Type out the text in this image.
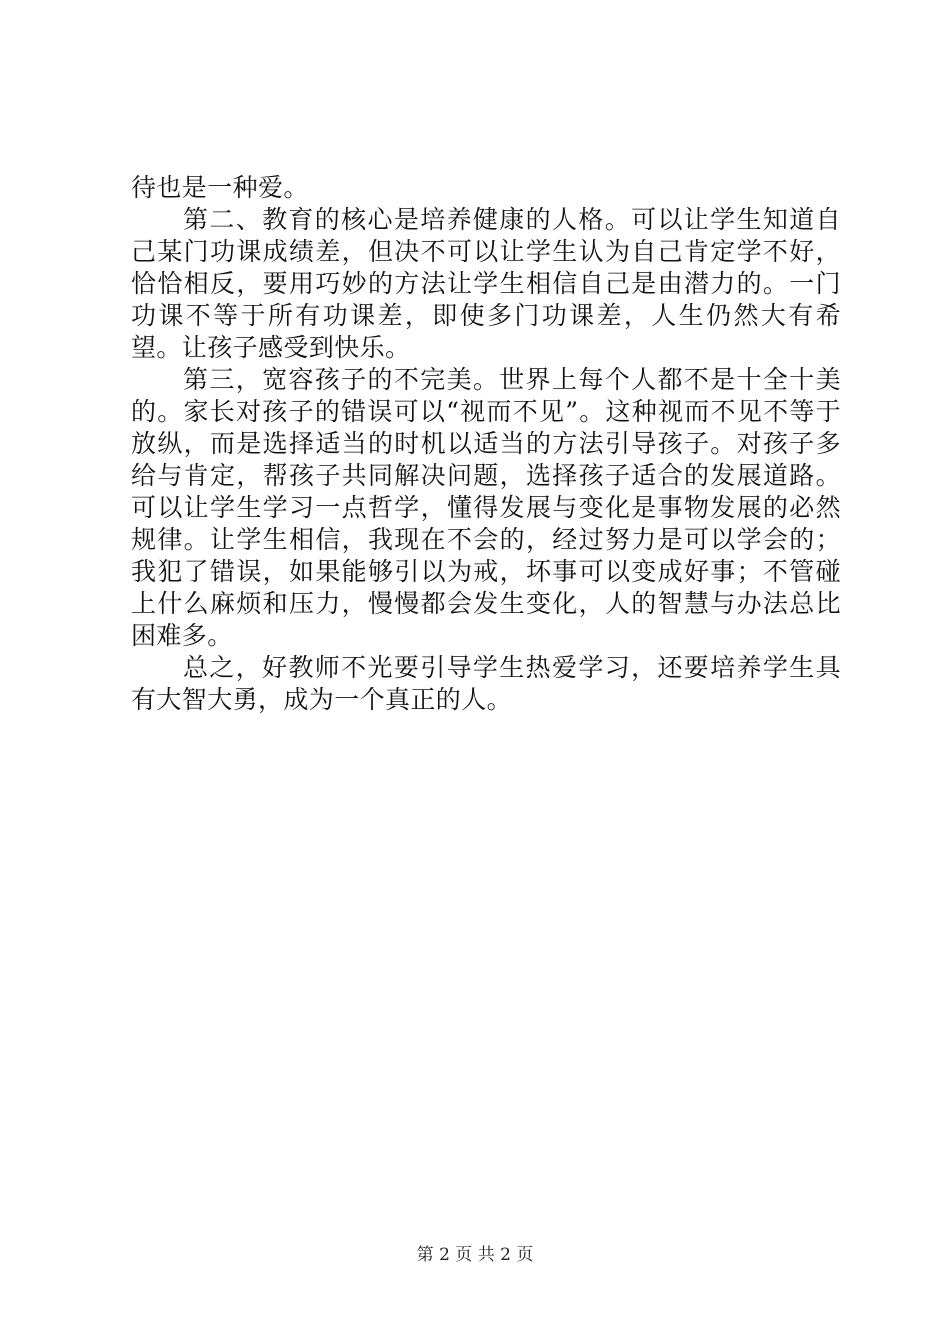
待也是一种爱。

第二、教育的核心是培养健康的人格。可以让学生知道自己某门功课成绩差，但决不可以让学生认为自己肯定学不好，恰恰相反，要用巧妙的方法让学生相信自己是由潜力的。一门功课不等于所有功课差，即使多门功课差，人生仍然大有希望。让孩子感受到快乐。

第三，宽容孩子的不完美。世界上每个人都不是十全十美的。家长对孩子的错误可以“视而不见”。这种视而不见不等于放纵，而是选择适当的时机以适当的方法引导孩子。对孩子多给与肯定，帮孩子共同解决问题，选择孩子适合的发展道路。可以让学生学习一点哲学，懂得发展与变化是事物发展的必然规律。让学生相信，我现在不会的，经过努力是可以学会的；我犯了错误，如果能够引以为戒，坏事可以变成好事；不管碰上什么麻烦和压力，慢慢都会发生变化，人的智慧与办法总比困难多。

总之，好教师不光要引导学生热爱学习，还要培养学生具有大智大勇，成为一个真正的人。

第 2 页 共 2 页
